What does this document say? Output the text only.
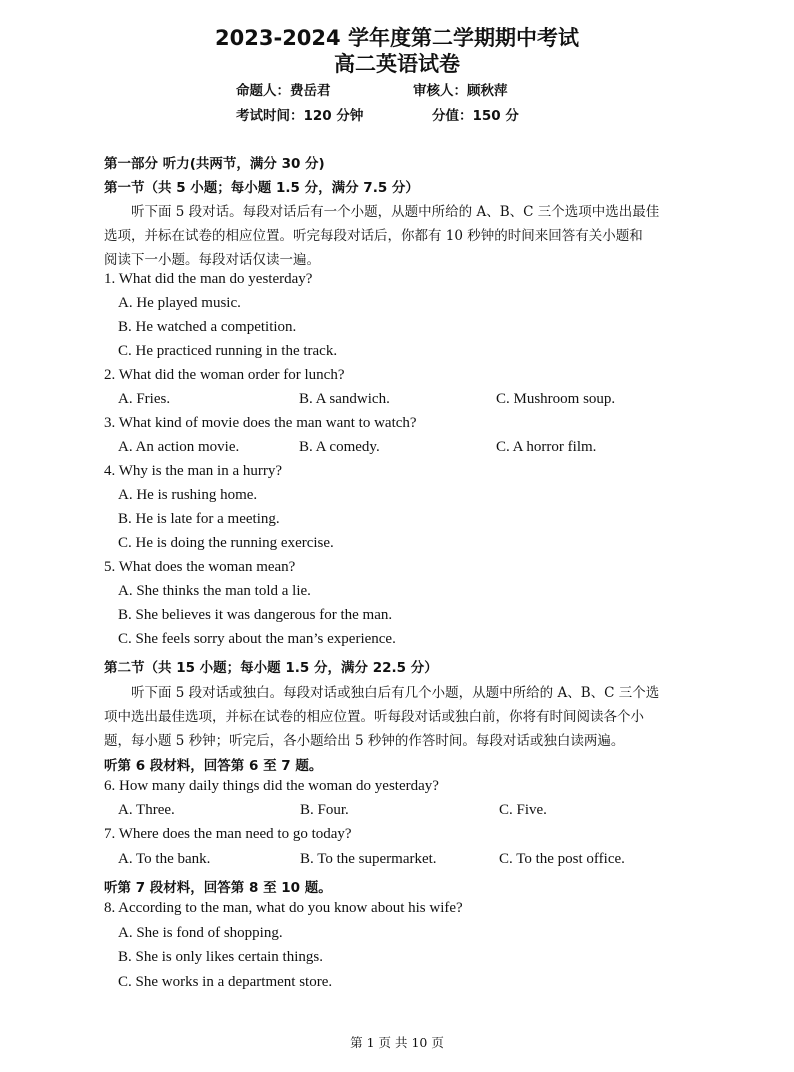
2023-2024 学年度第二学期期中考试
高二英语试卷
命题人：费岳君	审核人：顾秋萍
考试时间：120 分钟	分值：150 分
第一部分 听力(共两节，满分 30 分)
第一节（共 5 小题；每小题 1.5 分，满分 7.5 分）
听下面 5 段对话。每段对话后有一个小题，从题中所给的 A、B、C 三个选项中选出最佳
选项，并标在试卷的相应位置。听完每段对话后，你都有 10 秒钟的时间来回答有关小题和
阅读下一小题。每段对话仅读一遍。
1. What did the man do yesterday?
A. He played music.
B. He watched a competition.
C. He practiced running in the track.
2. What did the woman order for lunch?
A. Fries.	B. A sandwich.	C. Mushroom soup.
3. What kind of movie does the man want to watch?
A. An action movie.	B. A comedy.	C. A horror film.
4. Why is the man in a hurry?
A. He is rushing home.
B. He is late for a meeting.
C. He is doing the running exercise.
5. What does the woman mean?
A. She thinks the man told a lie.
B. She believes it was dangerous for the man.
C. She feels sorry about the man’s experience.
第二节（共 15 小题；每小题 1.5 分，满分 22.5 分）
听下面 5 段对话或独白。每段对话或独白后有几个小题，从题中所给的 A、B、C 三个选
项中选出最佳选项，并标在试卷的相应位置。听每段对话或独白前，你将有时间阅读各个小
题，每小题 5 秒钟；听完后，各小题给出 5 秒钟的作答时间。每段对话或独白读两遍。
听第 6 段材料，回答第 6 至 7 题。
6. How many daily things did the woman do yesterday?
A. Three.	B. Four.	C. Five.
7. Where does the man need to go today?
A. To the bank.	B. To the supermarket.	C. To the post office.
听第 7 段材料，回答第 8 至 10 题。
8. According to the man, what do you know about his wife?
A. She is fond of shopping.
B. She is only likes certain things.
C. She works in a department store.
第 1 页 共 10 页
